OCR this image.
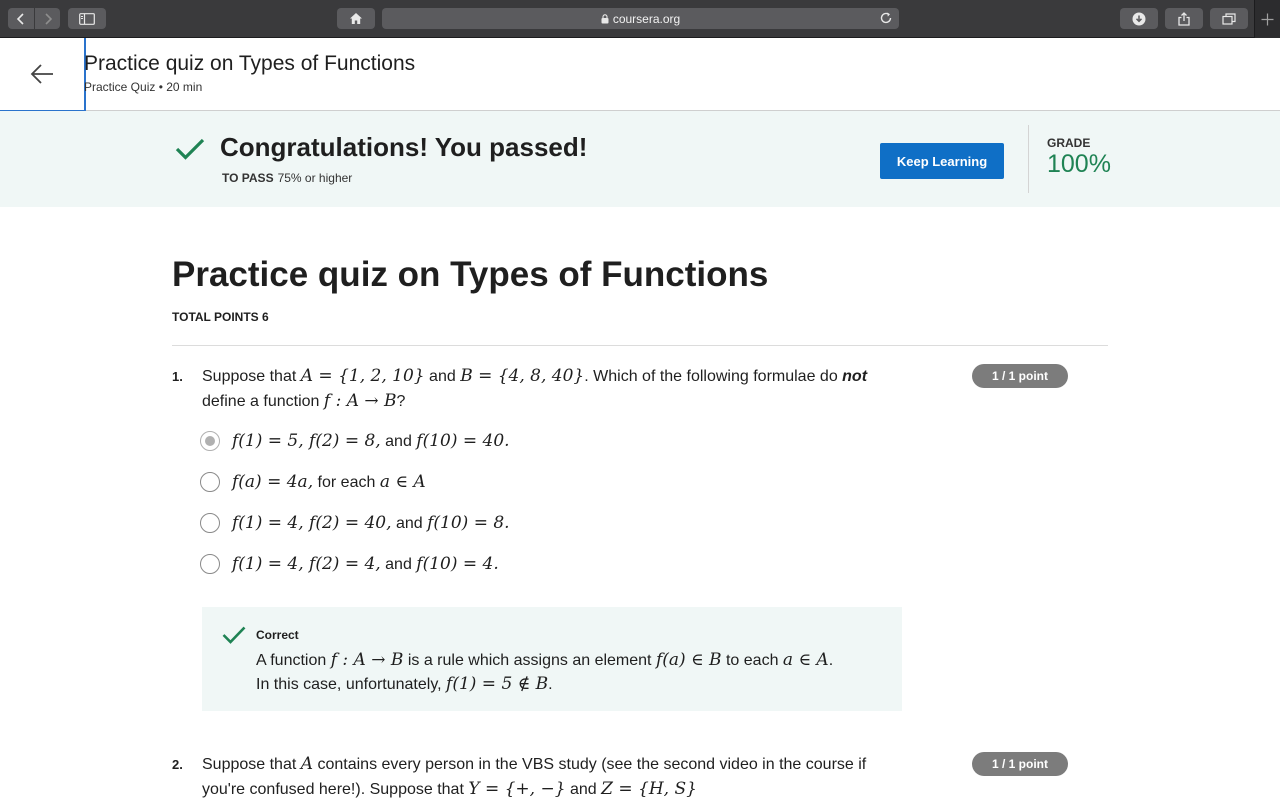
coursera.org
Practice quiz on Types of Functions
Practice Quiz • 20 min
Congratulations! You passed!
TO PASS 75% or higher
Keep Learning
GRADE
100%
Practice quiz on Types of Functions
TOTAL POINTS 6
1.	1 / 1 point
Suppose that A = {1, 2, 10} and B = {4, 8, 40}. Which of the following formulae do not
define a function f : A → B?
f(1) = 5, f(2) = 8, and f(10) = 40.
f(a) = 4a, for each a ∈ A
f(1) = 4, f(2) = 40, and f(10) = 8.
f(1) = 4, f(2) = 4, and f(10) = 4.
Correct
A function f : A → B is a rule which assigns an element f(a) ∈ B to each a ∈ A.
In this case, unfortunately, f(1) = 5 ∉ B.
2.	1 / 1 point
Suppose that A contains every person in the VBS study (see the second video in the course if
you're confused here!). Suppose that Y = {+, −} and Z = {H, S}
